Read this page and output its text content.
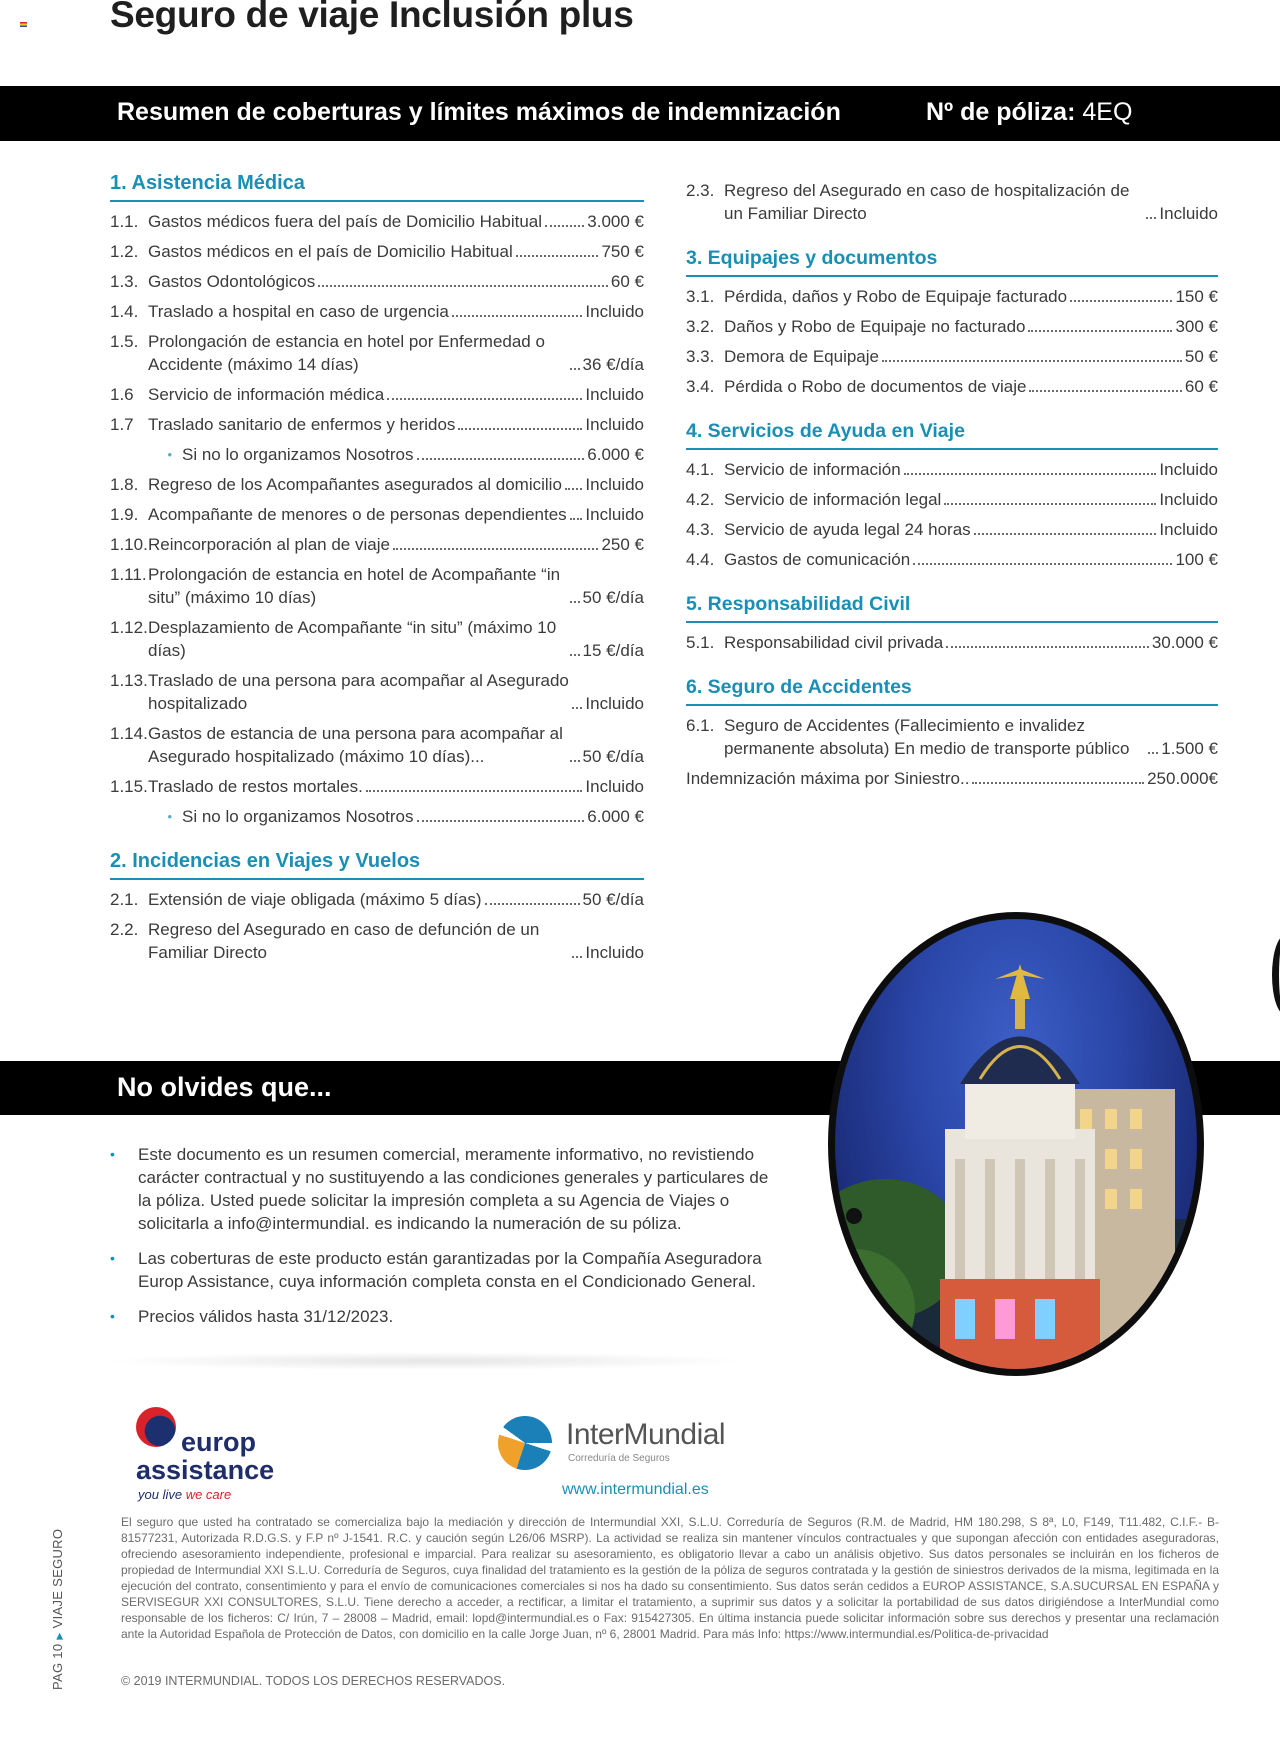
Seguro de viaje Inclusión plus
Resumen de coberturas y límites máximos de indemnización	Nº de póliza: 4EQ
1. Asistencia Médica
1.1. Gastos médicos fuera del país de Domicilio Habitual	3.000 €
1.2. Gastos médicos en el país de Domicilio Habitual	750 €
1.3. Gastos Odontológicos	60 €
1.4. Traslado a hospital en caso de urgencia	Incluido
1.5. Prolongación de estancia en hotel por Enfermedad o Accidente (máximo 14 días)	36 €/día
1.6 Servicio de información médica	Incluido
1.7 Traslado sanitario de enfermos y heridos	Incluido
• Si no lo organizamos Nosotros	6.000 €
1.8. Regreso de los Acompañantes asegurados al domicilio Incluido
1.9. Acompañante de menores o de personas dependientes Incluido
1.10. Reincorporación al plan de viaje	250 €
1.11. Prolongación de estancia en hotel de Acompañante “in situ” (máximo 10 días)	50 €/día
1.12. Desplazamiento de Acompañante “in situ” (máximo 10 días)	15 €/día
1.13. Traslado de una persona para acompañar al Asegurado hospitalizado	Incluido
1.14. Gastos de estancia de una persona para acompañar al Asegurado hospitalizado (máximo 10 días)...	50 €/día
1.15. Traslado de restos mortales.	Incluido
• Si no lo organizamos Nosotros	6.000 €
2. Incidencias en Viajes y Vuelos
2.1. Extensión de viaje obligada (máximo 5 días)	50 €/día
2.2. Regreso del Asegurado en caso de defunción de un Familiar Directo	Incluido
2.3. Regreso del Asegurado en caso de hospitalización de un Familiar Directo	Incluido
3. Equipajes y documentos
3.1. Pérdida, daños y Robo de Equipaje facturado	150 €
3.2. Daños y Robo de Equipaje no facturado	300 €
3.3. Demora de Equipaje	50 €
3.4. Pérdida o Robo de documentos de viaje	60 €
4. Servicios de Ayuda en Viaje
4.1. Servicio de información	Incluido
4.2. Servicio de información legal	Incluido
4.3. Servicio de ayuda legal 24 horas	Incluido
4.4. Gastos de comunicación	100 €
5. Responsabilidad Civil
5.1. Responsabilidad civil privada	30.000 €
6. Seguro de Accidentes
6.1. Seguro de Accidentes (Fallecimiento e invalidez permanente absoluta) En medio de transporte público	1.500 €
Indemnización máxima por Siniestro..	250.000€
No olvides que...
• Este documento es un resumen comercial, meramente informativo, no revistiendo carácter contractual y no sustituyendo a las condiciones generales y particulares de la póliza. Usted puede solicitar la impresión completa a su Agencia de Viajes o solicitarla a info@intermundial. es indicando la numeración de su póliza.
• Las coberturas de este producto están garantizadas por la Compañía Aseguradora Europ Assistance, cuya información completa consta en el Condicionado General.
• Precios válidos hasta 31/12/2023.
europ
assistance
you live we care
InterMundial
Correduría de Seguros
www.intermundial.es
PAG 10▶VIAJE SEGURO

El seguro que usted ha contratado se comercializa bajo la mediación y dirección de Intermundial XXI, S.L.U. Correduría de Seguros (R.M. de Madrid, HM 180.298, S 8ª, L0, F149, T11.482, C.I.F.- B-81577231, Autorizada R.D.G.S. y F.P nº J-1541. R.C. y caución según L26/06 MSRP). La actividad se realiza sin mantener vínculos contractuales y que supongan afección con entidades aseguradoras, ofreciendo asesoramiento independiente, profesional e imparcial. Para realizar su asesoramiento, es obligatorio llevar a cabo un análisis objetivo. Sus datos personales se incluirán en los ficheros de propiedad de Intermundial XXI S.L.U. Correduría de Seguros, cuya finalidad del tratamiento es la gestión de la póliza de seguros contratada y la gestión de siniestros derivados de la misma, legitimada en la ejecución del contrato, consentimiento y para el envío de comunicaciones comerciales si nos ha dado su consentimiento. Sus datos serán cedidos a EUROP ASSISTANCE, S.A.SUCURSAL EN ESPAÑA y SERVISEGUR XXI CONSULTORES, S.L.U. Tiene derecho a acceder, a rectificar, a limitar el tratamiento, a suprimir sus datos y a solicitar la portabilidad de sus datos dirigiéndose a InterMundial como responsable de los ficheros: C/ Irún, 7 – 28008 – Madrid, email: lopd@intermundial.es o Fax: 915427305. En última instancia puede solicitar información sobre sus derechos y presentar una reclamación ante la Autoridad Española de Protección de Datos, con domicilio en la calle Jorge Juan, nº 6, 28001 Madrid. Para más Info: https://www.intermundial.es/Politica-de-privacidad

© 2019 INTERMUNDIAL. TODOS LOS DERECHOS RESERVADOS.
